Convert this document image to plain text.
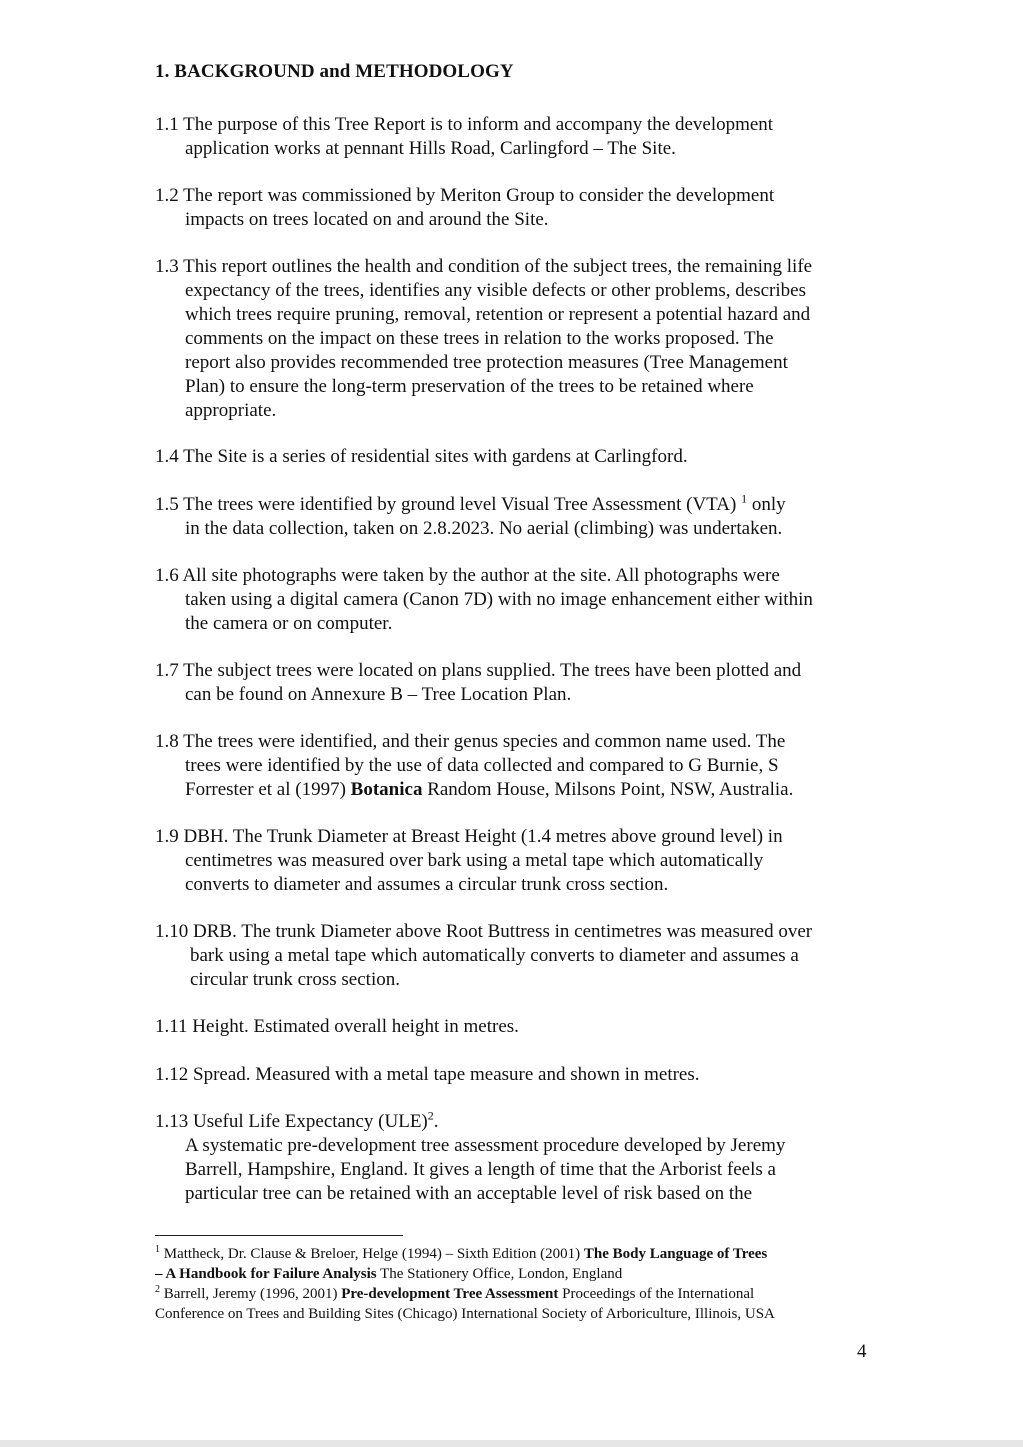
1. BACKGROUND and METHODOLOGY
1.1 The purpose of this Tree Report is to inform and accompany the development
application works at pennant Hills Road, Carlingford – The Site.
1.2 The report was commissioned by Meriton Group to consider the development
impacts on trees located on and around the Site.
1.3 This report outlines the health and condition of the subject trees, the remaining life
expectancy of the trees, identifies any visible defects or other problems, describes
which trees require pruning, removal, retention or represent a potential hazard and
comments on the impact on these trees in relation to the works proposed. The
report also provides recommended tree protection measures (Tree Management
Plan) to ensure the long-term preservation of the trees to be retained where
appropriate.
1.4 The Site is a series of residential sites with gardens at Carlingford.
1.5 The trees were identified by ground level Visual Tree Assessment (VTA) $^1$ only
in the data collection, taken on 2.8.2023. No aerial (climbing) was undertaken.
1.6 All site photographs were taken by the author at the site. All photographs were
taken using a digital camera (Canon 7D) with no image enhancement either within
the camera or on computer.
1.7 The subject trees were located on plans supplied. The trees have been plotted and
can be found on Annexure B – Tree Location Plan.
1.8 The trees were identified, and their genus species and common name used. The
trees were identified by the use of data collected and compared to G Burnie, S
Forrester et al (1997) Botanica Random House, Milsons Point, NSW, Australia.
1.9 DBH. The Trunk Diameter at Breast Height (1.4 metres above ground level) in
centimetres was measured over bark using a metal tape which automatically
converts to diameter and assumes a circular trunk cross section.
1.10 DRB. The trunk Diameter above Root Buttress in centimetres was measured over
bark using a metal tape which automatically converts to diameter and assumes a
circular trunk cross section.
1.11 Height. Estimated overall height in metres.
1.12 Spread. Measured with a metal tape measure and shown in metres.
1.13 Useful Life Expectancy (ULE)$^2$.
A systematic pre-development tree assessment procedure developed by Jeremy
Barrell, Hampshire, England. It gives a length of time that the Arborist feels a
particular tree can be retained with an acceptable level of risk based on the
$^1$ Mattheck, Dr. Clause & Breloer, Helge (1994) – Sixth Edition (2001) The Body Language of Trees
– A Handbook for Failure Analysis The Stationery Office, London, England
$^2$ Barrell, Jeremy (1996, 2001) Pre-development Tree Assessment Proceedings of the International
Conference on Trees and Building Sites (Chicago) International Society of Arboriculture, Illinois, USA
4
